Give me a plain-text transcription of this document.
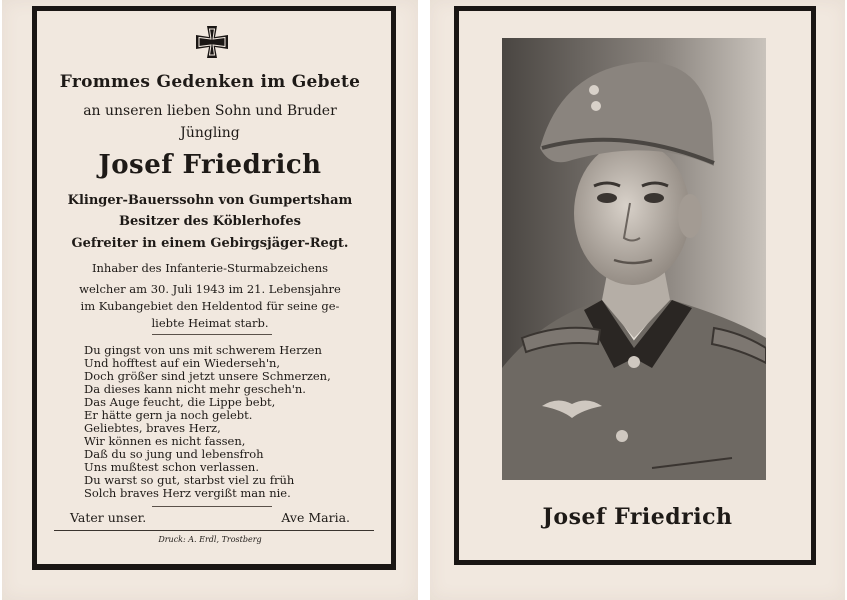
Frommes Gedenken im Gebete
an unseren lieben Sohn und Bruder
Jüngling
Josef Friedrich
Klinger-Bauerssohn von Gumpertsham
Besitzer des Köblerhofes
Gefreiter in einem Gebirgsjäger-Regt.
Inhaber des Infanterie-Sturmabzeichens
welcher am 30. Juli 1943 im 21. Lebensjahre
im Kubangebiet den Heldentod für seine ge-
liebte Heimat starb.
Du gingst von uns mit schwerem Herzen
Und hofftest auf ein Wiederseh'n,
Doch größer sind jetzt unsere Schmerzen,
Da dieses kann nicht mehr gescheh'n.
Das Auge feucht, die Lippe bebt,
Er hätte gern ja noch gelebt.
Geliebtes, braves Herz,
Wir können es nicht fassen,
Daß du so jung und lebensfroh
Uns mußtest schon verlassen.
Du warst so gut, starbst viel zu früh
Solch braves Herz vergißt man nie.
Vater unser.	Ave Maria.
Druck: A. Erdl, Trostberg
Josef Friedrich
